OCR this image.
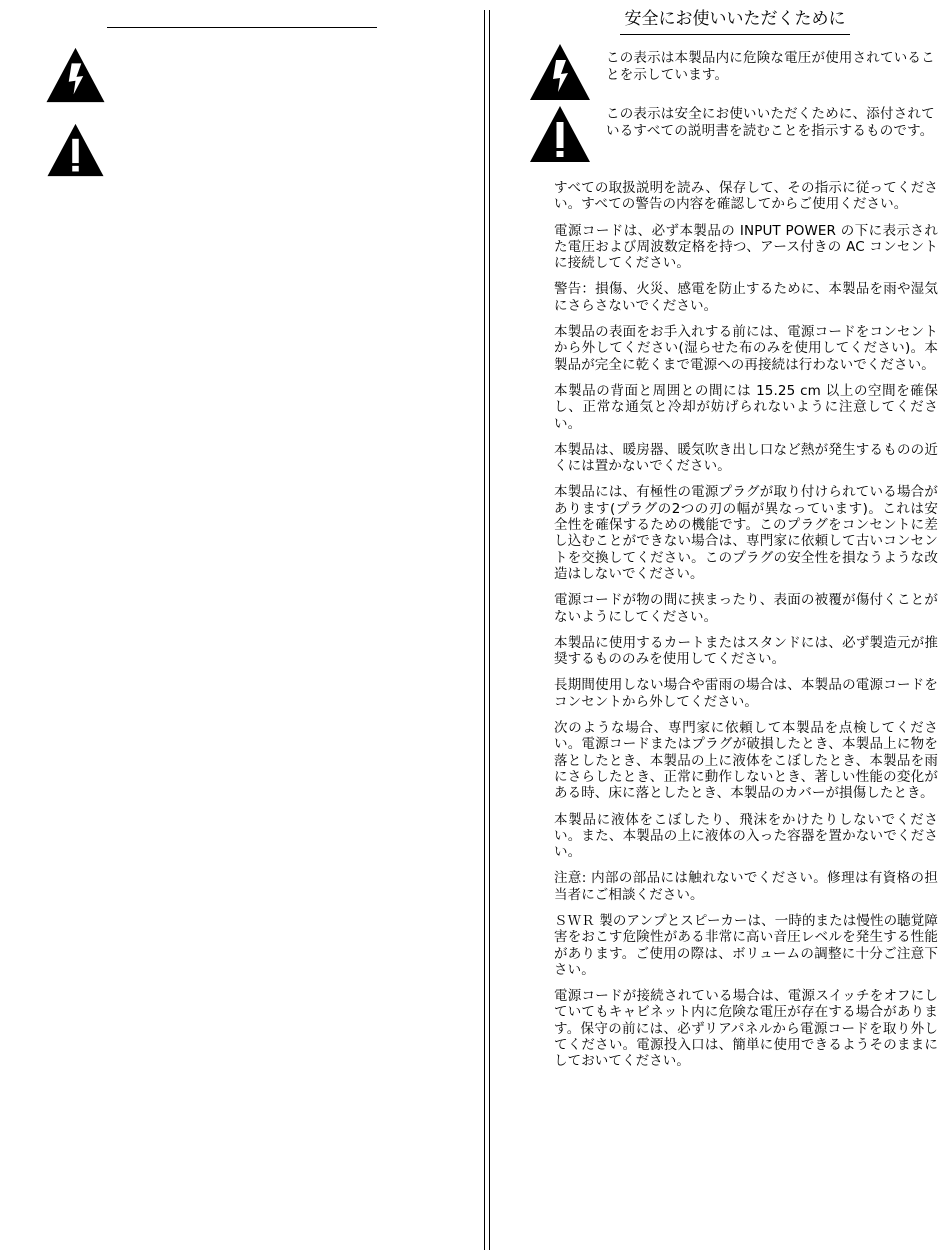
安全にお使いいただくために

この表示は本製品内に危険な電圧が使用されていることを示しています。

この表示は安全にお使いいただくために、添付されているすべての説明書を読むことを指示するものです。

すべての取扱説明を読み、保存して、その指示に従ってください。すべての警告の内容を確認してからご使用ください。

電源コードは、必ず本製品の INPUT POWER の下に表示された電圧および周波数定格を持つ、アース付きの AC コンセントに接続してください。

警告：損傷、火災、感電を防止するために、本製品を雨や湿気にさらさないでください。

本製品の表面をお手入れする前には、電源コードをコンセントから外してください(湿らせた布のみを使用してください)。本製品が完全に乾くまで電源への再接続は行わないでください。

本製品の背面と周囲との間には 15.25 cm 以上の空間を確保し、正常な通気と冷却が妨げられないように注意してください。

本製品は、暖房器、暖気吹き出し口など熱が発生するものの近くには置かないでください。

本製品には、有極性の電源プラグが取り付けられている場合があります(プラグの2つの刃の幅が異なっています)。これは安全性を確保するための機能です。このプラグをコンセントに差し込むことができない場合は、専門家に依頼して古いコンセントを交換してください。このプラグの安全性を損なうような改造はしないでください。

電源コードが物の間に挟まったり、表面の被覆が傷付くことがないようにしてください。

本製品に使用するカートまたはスタンドには、必ず製造元が推奨するもののみを使用してください。

長期間使用しない場合や雷雨の場合は、本製品の電源コードをコンセントから外してください。

次のような場合、専門家に依頼して本製品を点検してください。電源コードまたはプラグが破損したとき、本製品上に物を落としたとき、本製品の上に液体をこぼしたとき、本製品を雨にさらしたとき、正常に動作しないとき、著しい性能の変化がある時、床に落としたとき、本製品のカバーが損傷したとき。

本製品に液体をこぼしたり、飛沫をかけたりしないでください。また、本製品の上に液体の入った容器を置かないでください。

注意: 内部の部品には触れないでください。修理は有資格の担当者にご相談ください。

ＳＷＲ 製のアンプとスピーカーは、一時的または慢性の聴覚障害をおこす危険性がある非常に高い音圧レベルを発生する性能があります。ご使用の際は、ボリュームの調整に十分ご注意下さい。

電源コードが接続されている場合は、電源スイッチをオフにしていてもキャビネット内に危険な電圧が存在する場合があります。保守の前には、必ずリアパネルから電源コードを取り外してください。電源投入口は、簡単に使用できるようそのままにしておいてください。
